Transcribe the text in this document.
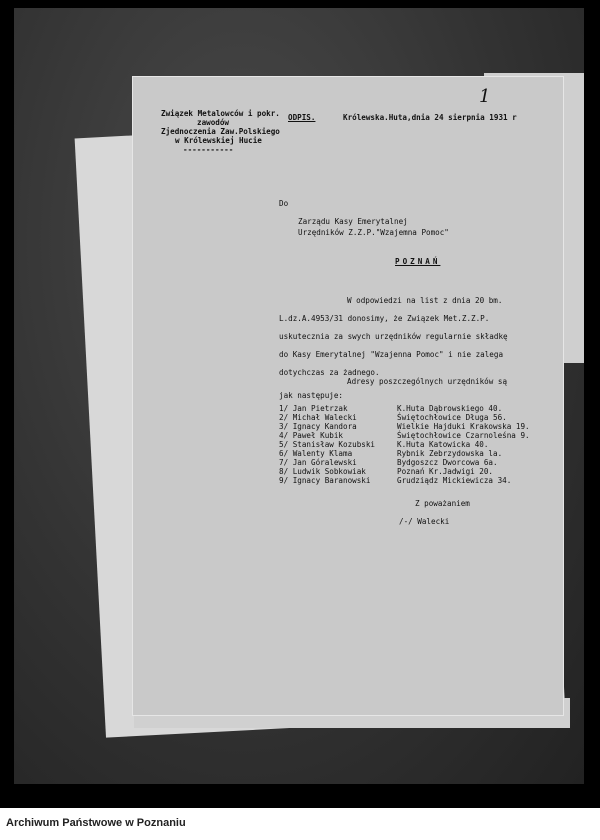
Związek Metalowców i pokr.
zawodów
Zjednoczenia Zaw.Polskiego
w Królewskiej Hucie
-----------
ODPIS.	Królewska.Huta,dnia 24 sierpnia 1931 r
1
Do
Zarządu Kasy Emerytalnej
Urzędników Z.Z.P."Wzajemna Pomoc"
POZNAŃ
W odpowiedzi na list z dnia 20 bm.
L.dz.A.4953/31 donosimy, że Związek Met.Z.Z.P.
uskutecznia za swych urzędników regularnie składkę
do Kasy Emerytalnej "Wzajenna Pomoc" i nie zalega
dotychczas za żadnego.
Adresy poszczególnych urzędników są
jak następuje:
1/ Jan Pietrzak	K.Huta Dąbrowskiego 40.
2/ Michał Walecki	Świętochłowice Długa 56.
3/ Ignacy Kandora	Wielkie Hajduki Krakowska 19.
4/ Paweł Kubik	Świętochłowice Czarnoleśna 9.
5/ Stanisław Kozubski	K.Huta Katowicka 40.
6/ Walenty Klama	Rybnik Zebrzydowska la.
7/ Jan Góralewski	Bydgoszcz Dworcowa 6a.
8/ Ludwik Sobkowiak	Poznań Kr.Jadwigi 20.
9/ Ignacy Baranowski	Grudziądz Mickiewicza 34.
Z poważaniem
/-/ Walecki
Archiwum Państwowe w Poznaniu
